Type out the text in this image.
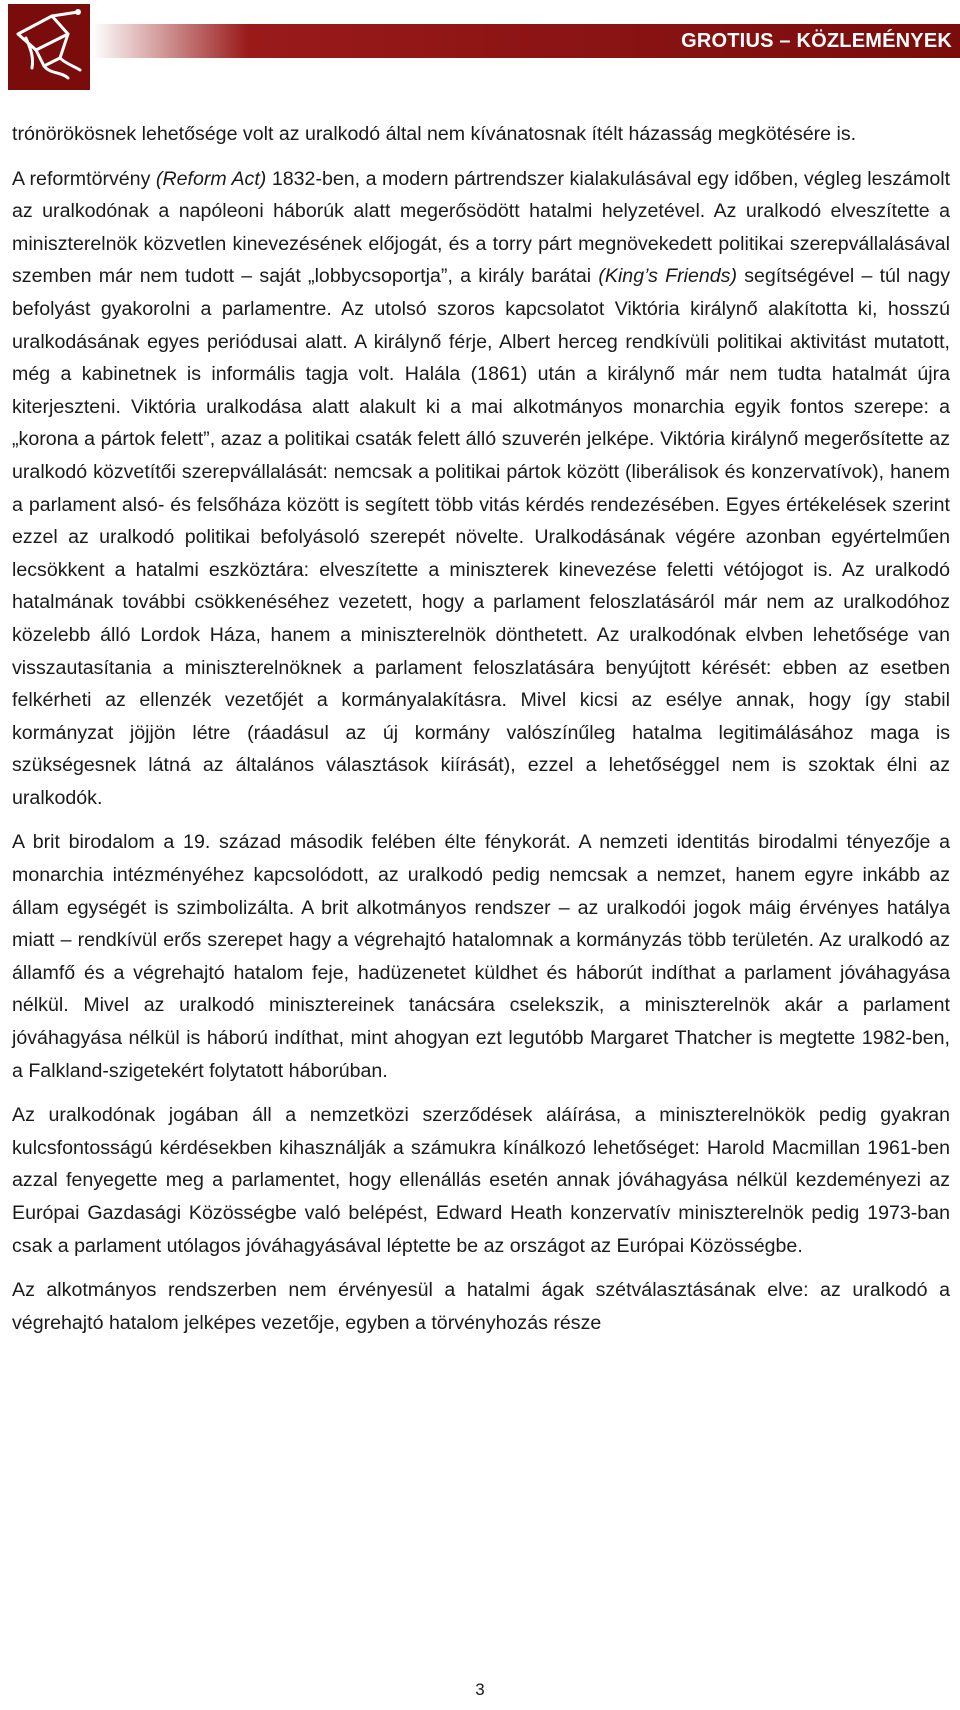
GROTIUS – KÖZLEMÉNYEK

trónörökösnek lehetősége volt az uralkodó által nem kívánatosnak ítélt házasság megkötésére is.

A reformtörvény (Reform Act) 1832-ben, a modern pártrendszer kialakulásával egy időben, végleg leszámolt az uralkodónak a napóleoni háborúk alatt megerősödött hatalmi helyzetével. Az uralkodó elveszítette a miniszterelnök közvetlen kinevezésének előjogát, és a torry párt megnövekedett politikai szerepvállalásával szemben már nem tudott – saját „lobbycsoportja”, a király barátai (King’s Friends) segítségével – túl nagy befolyást gyakorolni a parlamentre. Az utolsó szoros kapcsolatot Viktória királynő alakította ki, hosszú uralkodásának egyes periódusai alatt. A királynő férje, Albert herceg rendkívüli politikai aktivitást mutatott, még a kabinetnek is informális tagja volt. Halála (1861) után a királynő már nem tudta hatalmát újra kiterjeszteni. Viktória uralkodása alatt alakult ki a mai alkotmányos monarchia egyik fontos szerepe: a „korona a pártok felett”, azaz a politikai csaták felett álló szuverén jelképe. Viktória királynő megerősítette az uralkodó közvetítői szerepvállalását: nemcsak a politikai pártok között (liberálisok és konzervatívok), hanem a parlament alsó- és felsőháza között is segített több vitás kérdés rendezésében. Egyes értékelések szerint ezzel az uralkodó politikai befolyásoló szerepét növelte. Uralkodásának végére azonban egyértelműen lecsökkent a hatalmi eszköztára: elveszítette a miniszterek kinevezése feletti vétójogot is. Az uralkodó hatalmának további csökkenéséhez vezetett, hogy a parlament feloszlatásáról már nem az uralkodóhoz közelebb álló Lordok Háza, hanem a miniszterelnök dönthetett. Az uralkodónak elvben lehetősége van visszautasítania a miniszterelnöknek a parlament feloszlatására benyújtott kérését: ebben az esetben felkérheti az ellenzék vezetőjét a kormányalakításra. Mivel kicsi az esélye annak, hogy így stabil kormányzat jöjjön létre (ráadásul az új kormány valószínűleg hatalma legitimálásához maga is szükségesnek látná az általános választások kiírását), ezzel a lehetőséggel nem is szoktak élni az uralkodók.

A brit birodalom a 19. század második felében élte fénykorát. A nemzeti identitás birodalmi tényezője a monarchia intézményéhez kapcsolódott, az uralkodó pedig nemcsak a nemzet, hanem egyre inkább az állam egységét is szimbolizálta. A brit alkotmányos rendszer – az uralkodói jogok máig érvényes hatálya miatt – rendkívül erős szerepet hagy a végrehajtó hatalomnak a kormányzás több területén. Az uralkodó az államfő és a végrehajtó hatalom feje, hadüzenetet küldhet és háborút indíthat a parlament jóváhagyása nélkül. Mivel az uralkodó minisztereinek tanácsára cselekszik, a miniszterelnök akár a parlament jóváhagyása nélkül is háború indíthat, mint ahogyan ezt legutóbb Margaret Thatcher is megtette 1982-ben, a Falkland-szigetekért folytatott háborúban.

Az uralkodónak jogában áll a nemzetközi szerződések aláírása, a miniszterelnökök pedig gyakran kulcsfontosságú kérdésekben kihasználják a számukra kínálkozó lehetőséget: Harold Macmillan 1961-ben azzal fenyegette meg a parlamentet, hogy ellenállás esetén annak jóváhagyása nélkül kezdeményezi az Európai Gazdasági Közösségbe való belépést, Edward Heath konzervatív miniszterelnök pedig 1973-ban csak a parlament utólagos jóváhagyásával léptette be az országot az Európai Közösségbe.

Az alkotmányos rendszerben nem érvényesül a hatalmi ágak szétválasztásának elve: az uralkodó a végrehajtó hatalom jelképes vezetője, egyben a törvényhozás része

3
